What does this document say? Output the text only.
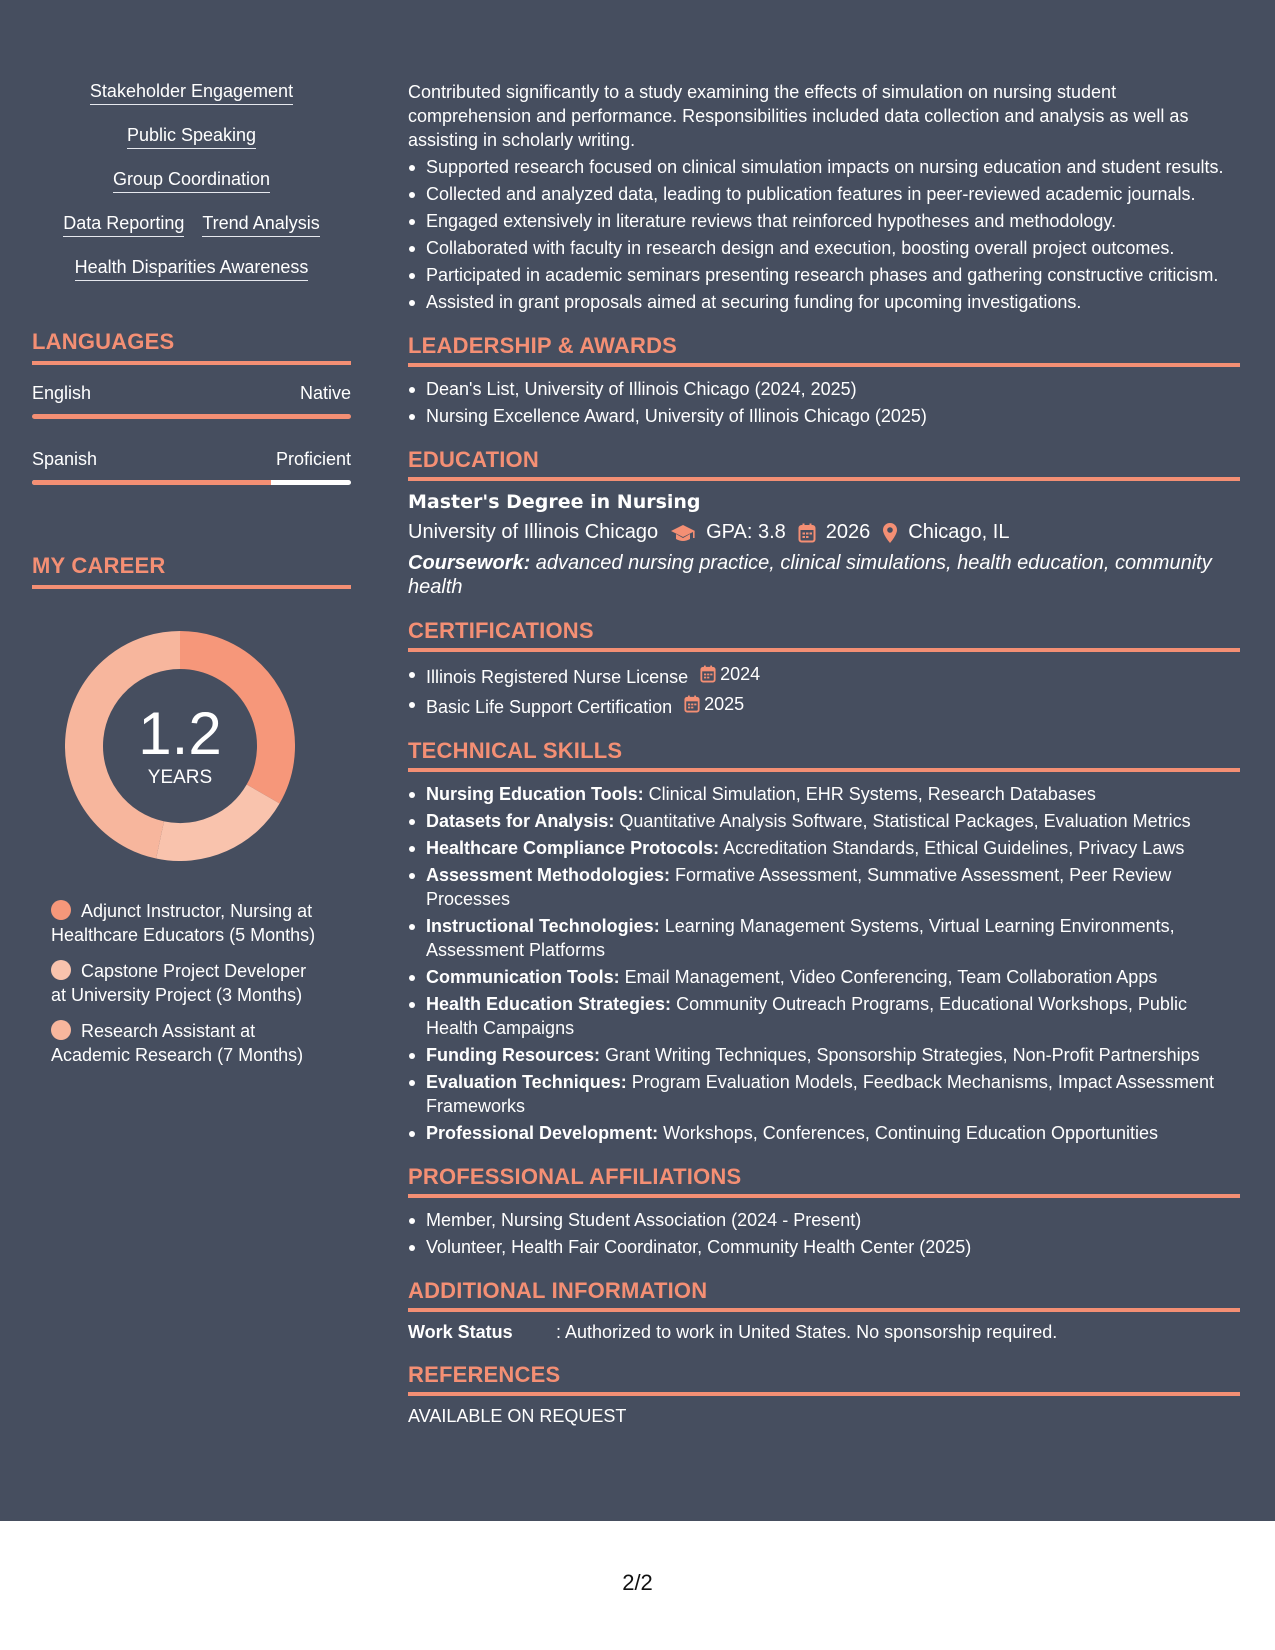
Stakeholder Engagement
Public Speaking
Group Coordination
Data Reporting Trend Analysis
Health Disparities Awareness
LANGUAGES
English	Native
Spanish	Proficient
MY CAREER
1.2
YEARS
Adjunct Instructor, Nursing at Healthcare Educators (5 Months)
Capstone Project Developer at University Project (3 Months)
Research Assistant at Academic Research (7 Months)

Contributed significantly to a study examining the effects of simulation on nursing student comprehension and performance. Responsibilities included data collection and analysis as well as assisting in scholarly writing.

Supported research focused on clinical simulation impacts on nursing education and student results.
Collected and analyzed data, leading to publication features in peer-reviewed academic journals.
Engaged extensively in literature reviews that reinforced hypotheses and methodology.
Collaborated with faculty in research design and execution, boosting overall project outcomes.
Participated in academic seminars presenting research phases and gathering constructive criticism.
Assisted in grant proposals aimed at securing funding for upcoming investigations.
LEADERSHIP & AWARDS
Dean's List, University of Illinois Chicago (2024, 2025)
Nursing Excellence Award, University of Illinois Chicago (2025)
EDUCATION
Master's Degree in Nursing
University of Illinois Chicago GPA: 3.8 2026 Chicago, IL
Coursework: advanced nursing practice, clinical simulations, health education, community health
CERTIFICATIONS
Illinois Registered Nurse License 2024
Basic Life Support Certification 2025
TECHNICAL SKILLS
Nursing Education Tools: Clinical Simulation, EHR Systems, Research Databases
Datasets for Analysis: Quantitative Analysis Software, Statistical Packages, Evaluation Metrics
Healthcare Compliance Protocols: Accreditation Standards, Ethical Guidelines, Privacy Laws
Assessment Methodologies: Formative Assessment, Summative Assessment, Peer Review Processes
Instructional Technologies: Learning Management Systems, Virtual Learning Environments, Assessment Platforms
Communication Tools: Email Management, Video Conferencing, Team Collaboration Apps
Health Education Strategies: Community Outreach Programs, Educational Workshops, Public Health Campaigns
Funding Resources: Grant Writing Techniques, Sponsorship Strategies, Non-Profit Partnerships
Evaluation Techniques: Program Evaluation Models, Feedback Mechanisms, Impact Assessment Frameworks
Professional Development: Workshops, Conferences, Continuing Education Opportunities
PROFESSIONAL AFFILIATIONS
Member, Nursing Student Association (2024 - Present)
Volunteer, Health Fair Coordinator, Community Health Center (2025)
ADDITIONAL INFORMATION
Work Status	: Authorized to work in United States. No sponsorship required.
REFERENCES
AVAILABLE ON REQUEST
2/2
